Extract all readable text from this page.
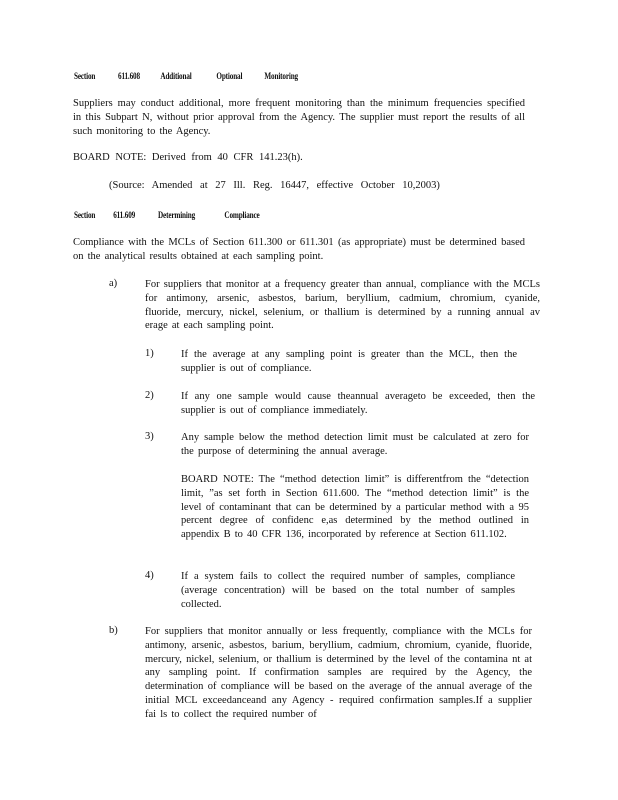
Section	611.608 Additional	Optional Monitoring
Suppliers may conduct additional, more frequent monitoring than the minimum frequencies specified in this Subpart N, without prior approval from the Agency. The supplier must report the results of all such monitoring to the Agency.
BOARD NOTE: Derived from 40 CFR 141.23(h).
(Source: Amended at 27 Ill. Reg. 16447, effective October 10,2003)
Section 611.609	Determining	Compliance
Compliance with the MCLs of Section 611.300 or 611.301 (as appropriate) must be determined based on the analytical results obtained at each sampling point.
a)	For suppliers that monitor at a frequency greater than annual, compliance with the MCLs for antimony, arsenic, asbestos, barium, beryllium, cadmium, chromium, cyanide, fluoride, mercury, nickel, selenium, or thallium is determined by a running annual av erage at each sampling point.
1)	If the average at any sampling point is greater than the MCL, then the supplier is out of compliance.
2)	If any one sample would cause theannual averageto be exceeded, then the supplier is out of compliance immediately.
3)	Any sample below the method detection limit must be calculated at zero for the purpose of determining the annual average.
BOARD NOTE: The “method detection limit” is differentfrom the “detection limit, ”as set forth in Section 611.600. The “method detection limit” is the level of contaminant that can be determined by a particular method with a 95 percent degree of confidenc e,as determined by the method outlined in appendix B to 40 CFR 136, incorporated by reference at Section 611.102.
4)	If a system fails to collect the required number of samples, compliance (average concentration) will be based on the total number of samples collected.
b)	For suppliers that monitor annually or less frequently, compliance with the MCLs for antimony, arsenic, asbestos, barium, beryllium, cadmium, chromium, cyanide, fluoride, mercury, nickel, selenium, or thallium is determined by the level of the contamina nt at any sampling point. If confirmation samples are required by the Agency, the determination of compliance will be based on the average of the annual average of the initial MCL exceedanceand any Agency - required confirmation samples.If a supplier fai ls to collect the required number of
